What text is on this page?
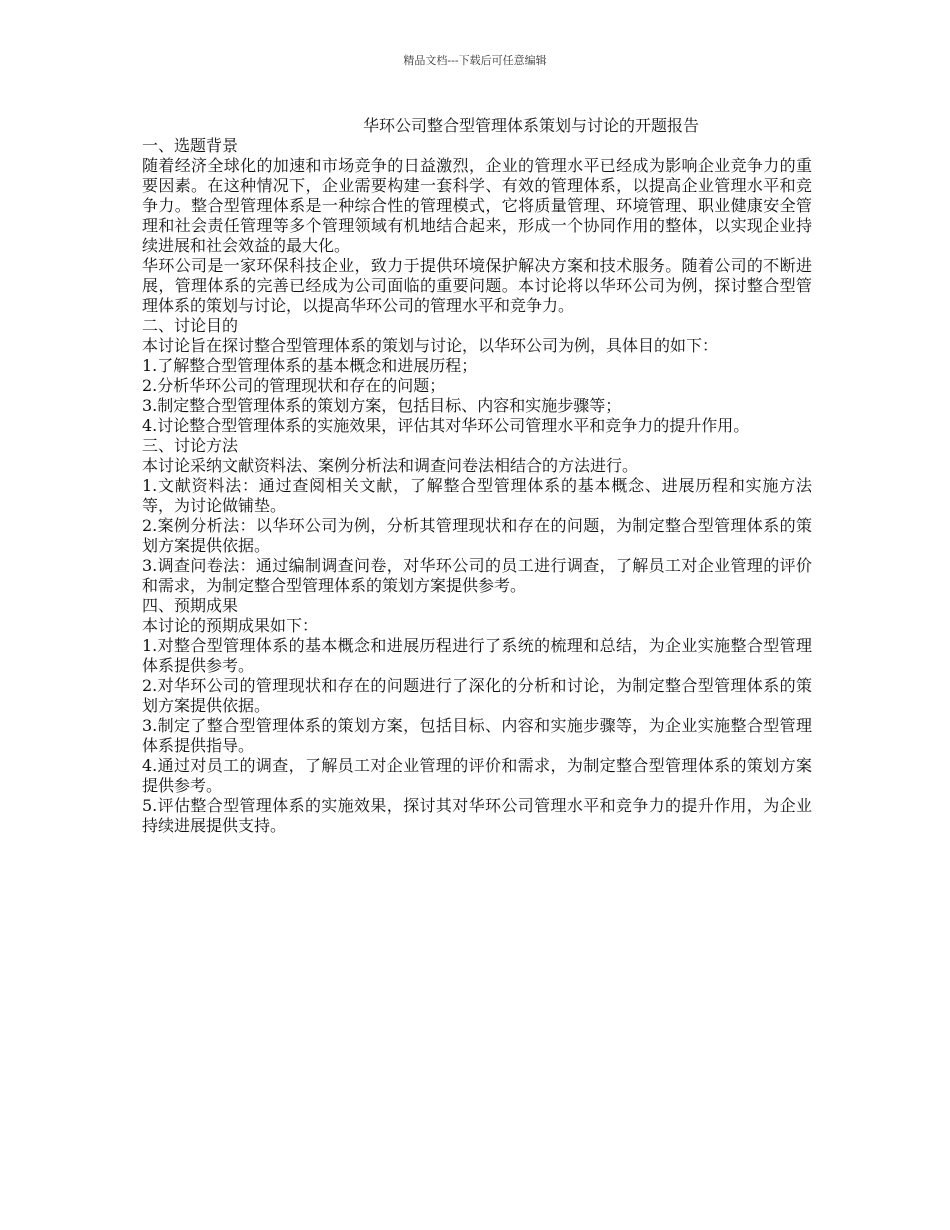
精品文档---下载后可任意编辑
华环公司整合型管理体系策划与讨论的开题报告

一、选题背景

随着经济全球化的加速和市场竞争的日益激烈，企业的管理水平已经成为影响企业竞争力的重要因素。在这种情况下，企业需要构建一套科学、有效的管理体系，以提高企业管理水平和竞争力。整合型管理体系是一种综合性的管理模式，它将质量管理、环境管理、职业健康安全管理和社会责任管理等多个管理领域有机地结合起来，形成一个协同作用的整体，以实现企业持续进展和社会效益的最大化。

华环公司是一家环保科技企业，致力于提供环境保护解决方案和技术服务。随着公司的不断进展，管理体系的完善已经成为公司面临的重要问题。本讨论将以华环公司为例，探讨整合型管理体系的策划与讨论，以提高华环公司的管理水平和竞争力。

二、讨论目的

本讨论旨在探讨整合型管理体系的策划与讨论，以华环公司为例，具体目的如下：

1.了解整合型管理体系的基本概念和进展历程；

2.分析华环公司的管理现状和存在的问题；

3.制定整合型管理体系的策划方案，包括目标、内容和实施步骤等；

4.讨论整合型管理体系的实施效果，评估其对华环公司管理水平和竞争力的提升作用。

三、讨论方法

本讨论采纳文献资料法、案例分析法和调查问卷法相结合的方法进行。

1.文献资料法：通过查阅相关文献，了解整合型管理体系的基本概念、进展历程和实施方法等，为讨论做铺垫。

2.案例分析法：以华环公司为例，分析其管理现状和存在的问题，为制定整合型管理体系的策划方案提供依据。

3.调查问卷法：通过编制调查问卷，对华环公司的员工进行调查，了解员工对企业管理的评价和需求，为制定整合型管理体系的策划方案提供参考。

四、预期成果

本讨论的预期成果如下：

1.对整合型管理体系的基本概念和进展历程进行了系统的梳理和总结，为企业实施整合型管理体系提供参考。

2.对华环公司的管理现状和存在的问题进行了深化的分析和讨论，为制定整合型管理体系的策划方案提供依据。

3.制定了整合型管理体系的策划方案，包括目标、内容和实施步骤等，为企业实施整合型管理体系提供指导。

4.通过对员工的调查，了解员工对企业管理的评价和需求，为制定整合型管理体系的策划方案提供参考。

5.评估整合型管理体系的实施效果，探讨其对华环公司管理水平和竞争力的提升作用，为企业持续进展提供支持。
